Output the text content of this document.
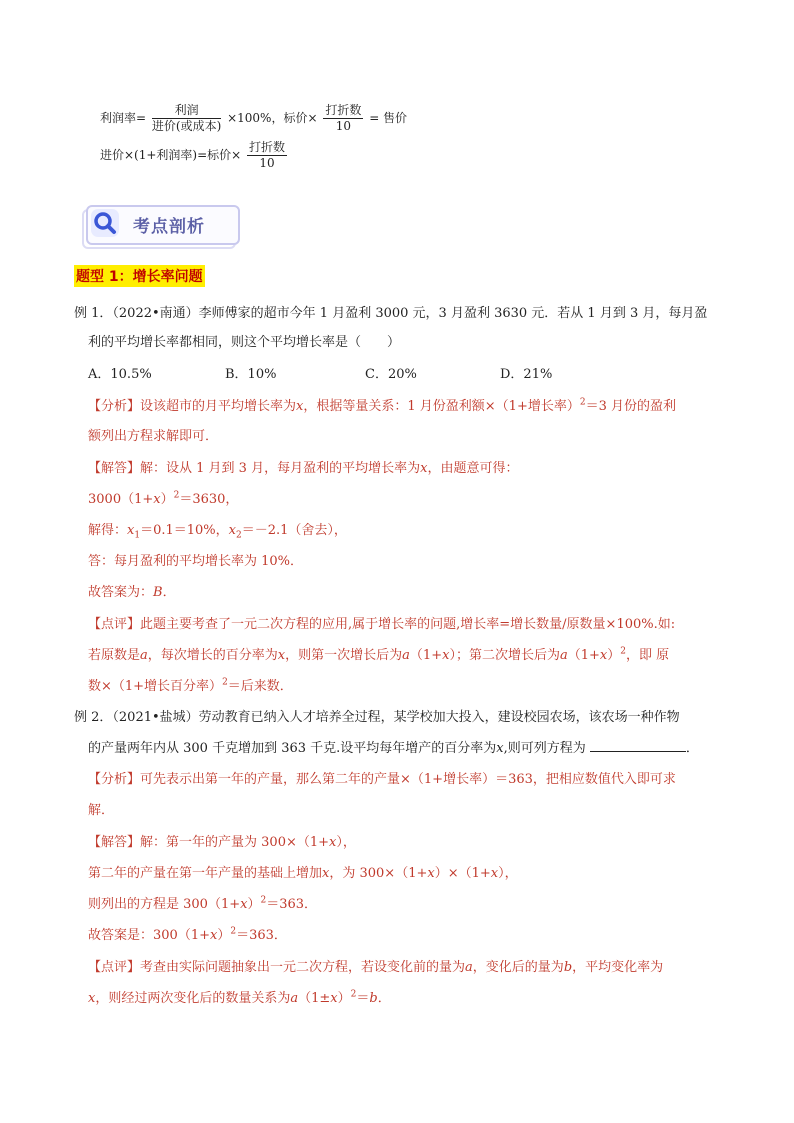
利润率= $\frac{\text{利润}}{\text{进价(或成本)}} \times 100\%$，标价× $\frac{\text{打折数}}{10}$ = 售价
进价×(1+利润率)=标价× $\frac{\text{打折数}}{10}$
考点剖析
题型 1：增长率问题
例 1．（2022•南通）李师傅家的超市今年 1 月盈利 3000 元，3 月盈利 3630 元．若从 1 月到 3 月，每月盈
利的平均增长率都相同，则这个平均增长率是（　　）
A．10.5%	B．10%	C．20%	D．21%
【分析】设该超市的月平均增长率为x，根据等量关系：1 月份盈利额×（1+增长率）$^2$＝3 月份的盈利
额列出方程求解即可．
【解答】解：设从 1 月到 3 月，每月盈利的平均增长率为x，由题意可得：
$3000(1+x)^2=3630$，
解得：$x_1=0.1=10\%$，$x_2=-2.1$（舍去），
答：每月盈利的平均增长率为 10%．
故答案为：B．
【点评】此题主要考查了一元二次方程的应用,属于增长率的问题,增长率=增长数量/原数量×100%.如:
若原数是a，每次增长的百分率为x，则第一次增长后为a（1+x）；第二次增长后为$a(1+x)^2$，即 原
数×（1+增长百分率）$^2$＝后来数．
例 2．（2021•盐城）劳动教育已纳入人才培养全过程，某学校加大投入，建设校园农场，该农场一种作物
的产量两年内从 300 千克增加到 363 千克.设平均每年增产的百分率为x,则可列方程为	．
【分析】可先表示出第一年的产量，那么第二年的产量×（1+增长率）＝363，把相应数值代入即可求
解．
【解答】解：第一年的产量为 300×（1+x），
第二年的产量在第一年产量的基础上增加x，为 300×（1+x）×（1+x），
则列出的方程是 $300(1+x)^2=363$．
故答案是：$300(1+x)^2=363$．
【点评】考查由实际问题抽象出一元二次方程，若设变化前的量为a，变化后的量为b，平均变化率为
x，则经过两次变化后的数量关系为$a(1\pm x)^2=b$．
